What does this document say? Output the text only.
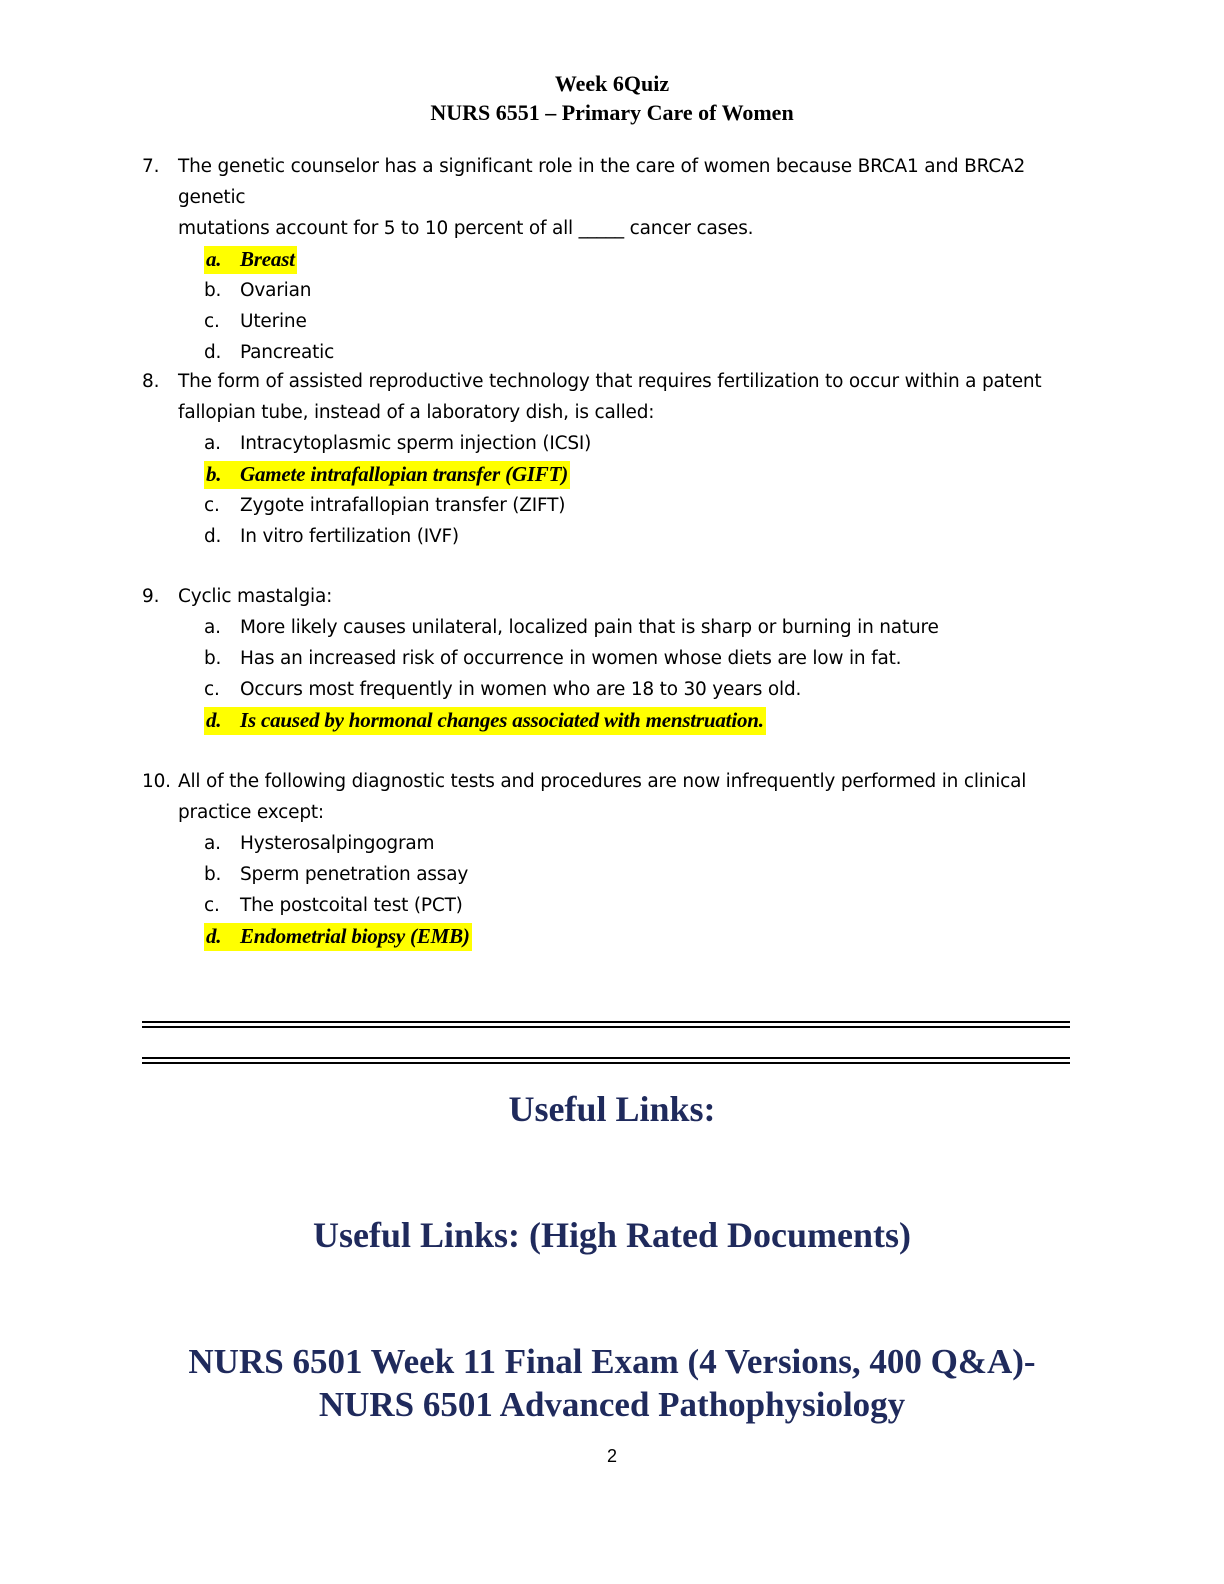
Week 6Quiz
NURS 6551 – Primary Care of Women
7. The genetic counselor has a significant role in the care of women because BRCA1 and BRCA2 genetic
mutations account for 5 to 10 percent of all _____ cancer cases.
a. Breast
b. Ovarian
c. Uterine
d. Pancreatic
8. The form of assisted reproductive technology that requires fertilization to occur within a patent
fallopian tube, instead of a laboratory dish, is called:
a. Intracytoplasmic sperm injection (ICSI)
b. Gamete intrafallopian transfer (GIFT)
c. Zygote intrafallopian transfer (ZIFT)
d. In vitro fertilization (IVF)
9. Cyclic mastalgia:
a. More likely causes unilateral, localized pain that is sharp or burning in nature
b. Has an increased risk of occurrence in women whose diets are low in fat.
c. Occurs most frequently in women who are 18 to 30 years old.
d. Is caused by hormonal changes associated with menstruation.
10. All of the following diagnostic tests and procedures are now infrequently performed in clinical
practice except:
a. Hysterosalpingogram
b. Sperm penetration assay
c. The postcoital test (PCT)
d. Endometrial biopsy (EMB)
Useful Links:
Useful Links: (High Rated Documents)
NURS 6501 Week 11 Final Exam (4 Versions, 400 Q&A)-
NURS 6501 Advanced Pathophysiology
2
